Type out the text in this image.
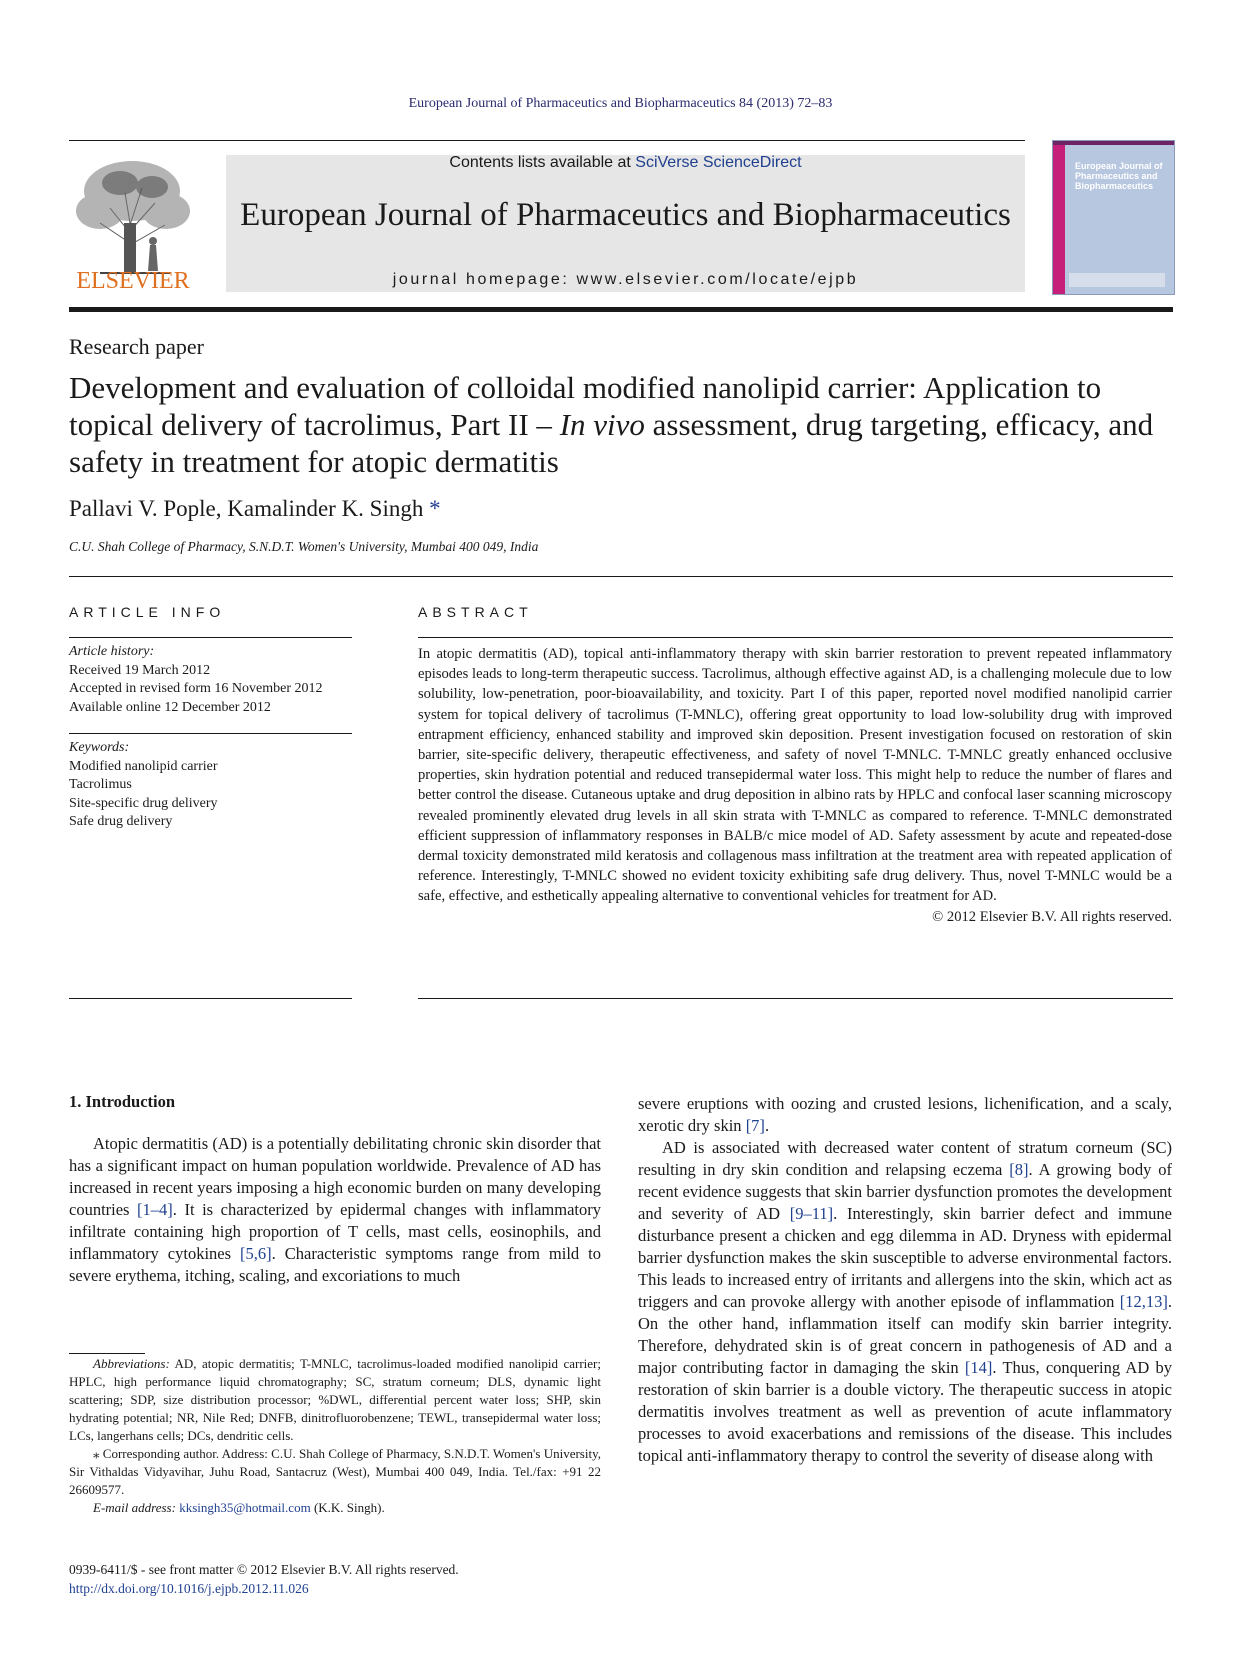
European Journal of Pharmaceutics and Biopharmaceutics 84 (2013) 72–83
ELSEVIER
Contents lists available at SciVerse ScienceDirect
European Journal of Pharmaceutics and Biopharmaceutics
journal homepage: www.elsevier.com/locate/ejpb
European Journal of Pharmaceutics and Biopharmaceutics
Research paper
Development and evaluation of colloidal modified nanolipid carrier: Application to topical delivery of tacrolimus, Part II – In vivo assessment, drug targeting, efficacy, and safety in treatment for atopic dermatitis
Pallavi V. Pople, Kamalinder K. Singh *
C.U. Shah College of Pharmacy, S.N.D.T. Women's University, Mumbai 400 049, India
ARTICLE INFO
Article history:
Received 19 March 2012
Accepted in revised form 16 November 2012
Available online 12 December 2012
Keywords:
Modified nanolipid carrier
Tacrolimus
Site-specific drug delivery
Safe drug delivery
ABSTRACT
In atopic dermatitis (AD), topical anti-inflammatory therapy with skin barrier restoration to prevent repeated inflammatory episodes leads to long-term therapeutic success. Tacrolimus, although effective against AD, is a challenging molecule due to low solubility, low-penetration, poor-bioavailability, and toxicity. Part I of this paper, reported novel modified nanolipid carrier system for topical delivery of tacrolimus (T-MNLC), offering great opportunity to load low-solubility drug with improved entrapment efficiency, enhanced stability and improved skin deposition. Present investigation focused on restoration of skin barrier, site-specific delivery, therapeutic effectiveness, and safety of novel T-MNLC. T-MNLC greatly enhanced occlusive properties, skin hydration potential and reduced transepidermal water loss. This might help to reduce the number of flares and better control the disease. Cutaneous uptake and drug deposition in albino rats by HPLC and confocal laser scanning microscopy revealed prominently elevated drug levels in all skin strata with T-MNLC as compared to reference. T-MNLC demonstrated efficient suppression of inflammatory responses in BALB/c mice model of AD. Safety assessment by acute and repeated-dose dermal toxicity demonstrated mild keratosis and collagenous mass infiltration at the treatment area with repeated application of reference. Interestingly, T-MNLC showed no evident toxicity exhibiting safe drug delivery. Thus, novel T-MNLC would be a safe, effective, and esthetically appealing alternative to conventional vehicles for treatment for AD.
© 2012 Elsevier B.V. All rights reserved.
1. Introduction

Atopic dermatitis (AD) is a potentially debilitating chronic skin disorder that has a significant impact on human population worldwide. Prevalence of AD has increased in recent years imposing a high economic burden on many developing countries [1–4]. It is characterized by epidermal changes with inflammatory infiltrate containing high proportion of T cells, mast cells, eosinophils, and inflammatory cytokines [5,6]. Characteristic symptoms range from mild to severe erythema, itching, scaling, and excoriations to much

Abbreviations: AD, atopic dermatitis; T-MNLC, tacrolimus-loaded modified nanolipid carrier; HPLC, high performance liquid chromatography; SC, stratum corneum; DLS, dynamic light scattering; SDP, size distribution processor; %DWL, differential percent water loss; SHP, skin hydrating potential; NR, Nile Red; DNFB, dinitrofluorobenzene; TEWL, transepidermal water loss; LCs, langerhans cells; DCs, dendritic cells.

⁎ Corresponding author. Address: C.U. Shah College of Pharmacy, S.N.D.T. Women's University, Sir Vithaldas Vidyavihar, Juhu Road, Santacruz (West), Mumbai 400 049, India. Tel./fax: +91 22 26609577.

E-mail address: kksingh35@hotmail.com (K.K. Singh).

0939-6411/$ - see front matter © 2012 Elsevier B.V. All rights reserved.
http://dx.doi.org/10.1016/j.ejpb.2012.11.026

severe eruptions with oozing and crusted lesions, lichenification, and a scaly, xerotic dry skin [7].

AD is associated with decreased water content of stratum corneum (SC) resulting in dry skin condition and relapsing eczema [8]. A growing body of recent evidence suggests that skin barrier dysfunction promotes the development and severity of AD [9–11]. Interestingly, skin barrier defect and immune disturbance present a chicken and egg dilemma in AD. Dryness with epidermal barrier dysfunction makes the skin susceptible to adverse environmental factors. This leads to increased entry of irritants and allergens into the skin, which act as triggers and can provoke allergy with another episode of inflammation [12,13]. On the other hand, inflammation itself can modify skin barrier integrity. Therefore, dehydrated skin is of great concern in pathogenesis of AD and a major contributing factor in damaging the skin [14]. Thus, conquering AD by restoration of skin barrier is a double victory. The therapeutic success in atopic dermatitis involves treatment as well as prevention of acute inflammatory processes to avoid exacerbations and remissions of the disease. This includes topical anti-inflammatory therapy to control the severity of disease along with
